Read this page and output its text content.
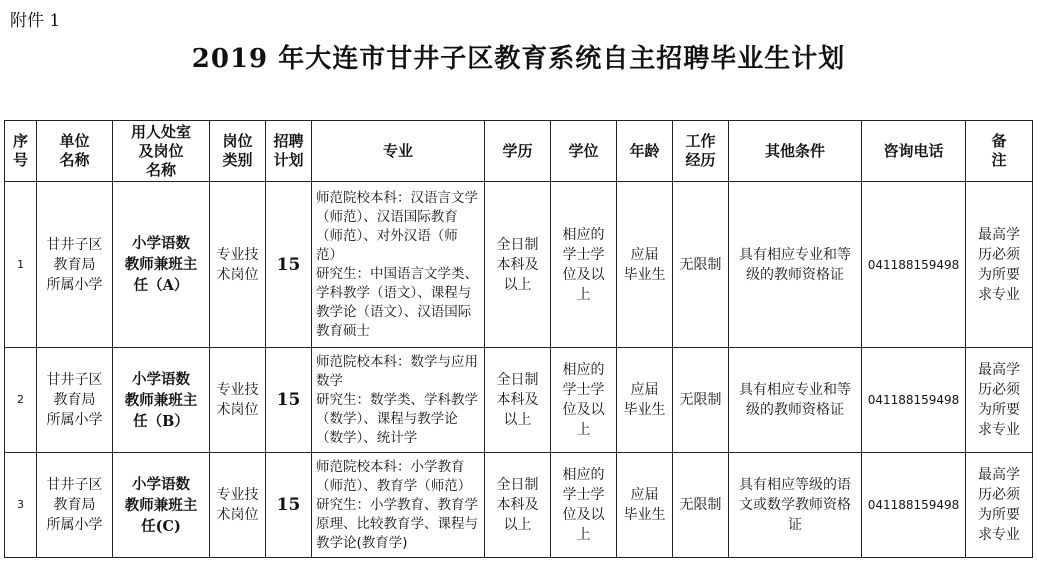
附件 1
2019 年大连市甘井子区教育系统自主招聘毕业生计划
序
号	单位
名称	用人处室
及岗位
名称	岗位
类别	招聘
计划	专业	学历	学位	年龄	工作
经历	其他条件	咨询电话	备
注

1	甘井子区
教育局
所属小学	小学语数
教师兼班主
任（A）	专业技
术岗位	15	师范院校本科：汉语言文学（师范）、汉语国际教育（师范）、对外汉语（师范）
研究生：中国语言文学类、学科教学（语文）、课程与教学论（语文）、汉语国际教育硕士	全日制
本科及
以上	相应的
学士学
位及以
上	应届
毕业生	无限制	具有相应专业和等
级的教师资格证	041188159498	最高学
历必须
为所要
求专业

2	甘井子区
教育局
所属小学	小学语数
教师兼班主
任（B）	专业技
术岗位	15	师范院校本科：数学与应用数学
研究生：数学类、学科教学（数学）、课程与教学论（数学）、统计学	全日制
本科及
以上	相应的
学士学
位及以
上	应届
毕业生	无限制	具有相应专业和等
级的教师资格证	041188159498	最高学
历必须
为所要
求专业

3	甘井子区
教育局
所属小学	小学语数
教师兼班主
任(C)	专业技
术岗位	15	师范院校本科：小学教育（师范）、教育学（师范）
研究生：小学教育、教育学原理、比较教育学、课程与教学论(教育学)	全日制
本科及
以上	相应的
学士学
位及以
上	应届
毕业生	无限制	具有相应等级的语
文或数学教师资格
证	041188159498	最高学
历必须
为所要
求专业
